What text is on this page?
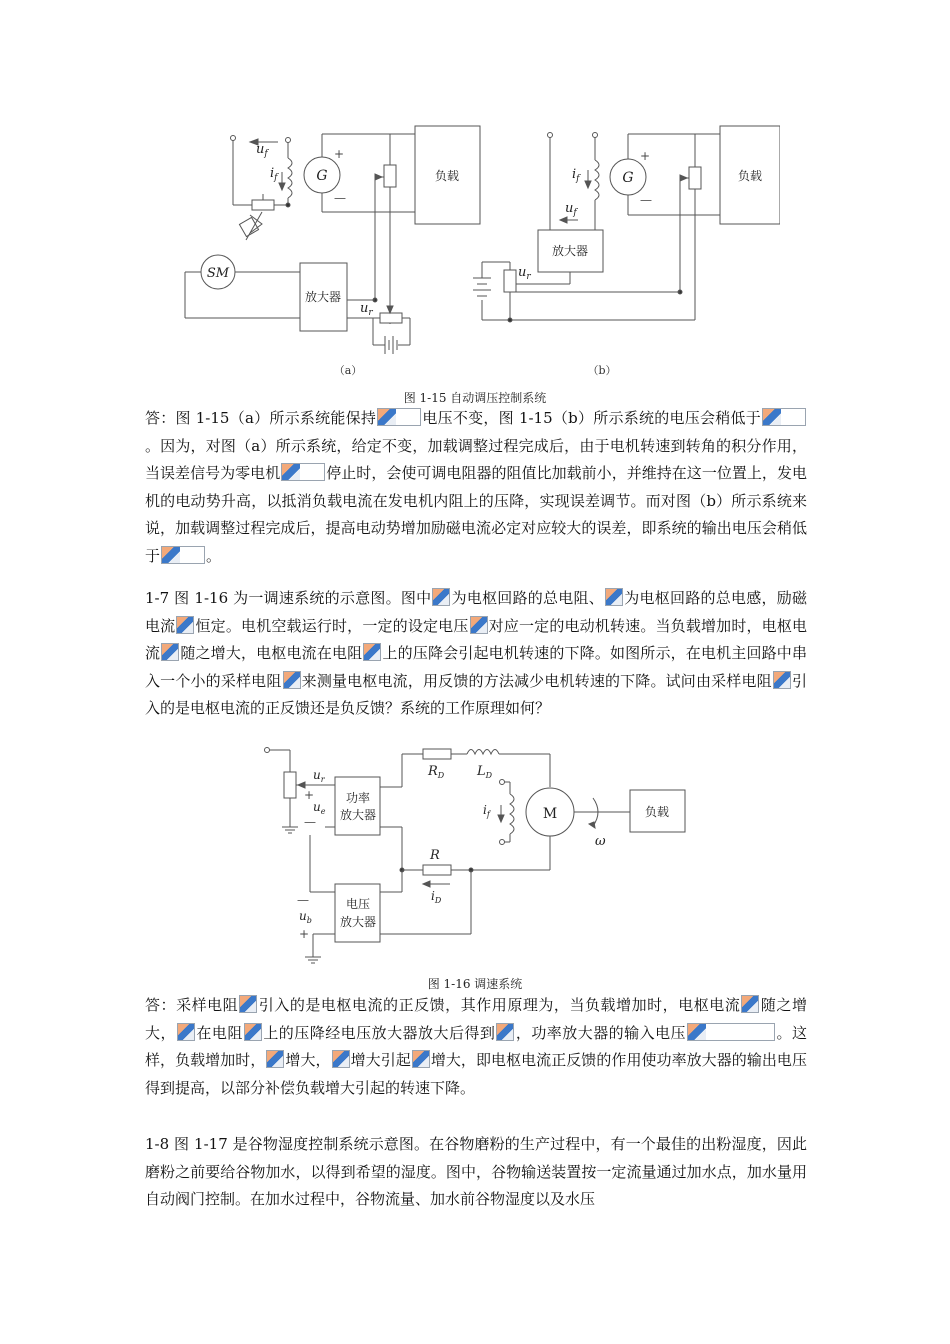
$u_f$
$i_f$
SM
放大器
G
+
—
负载
$u_r$
（a）
$i_f$
$u_f$
放大器
G
+
—
负载
$u_r$
（b）
图 1-15 自动调压控制系统
答：图 1-15（a）所示系统能保持	电压不变，图 1-15（b）所示系统的电压会稍低于。因为，对图（a）所示系统，给定不变，加载调整过程完成后，由于电机转速到转角的积分作用，当误差信号为零电机	停止时，会使可调电阻器的阻值比加载前小，并维持在这一位置上，发电机的电动势升高，以抵消负载电流在发电机内阻上的压降，实现误差调节。而对图（b）所示系统来说，加载调整过程完成后，提高电动势增加励磁电流必定对应较大的误差，即系统的输出电压会稍低于	。
1-7 图 1-16 为一调速系统的示意图。图中 为电枢回路的总电阻、 为电枢回路的总电感，励磁电流 恒定。电机空载运行时，一定的设定电压 对应一定的电动机转速。当负载增加时，电枢电流 随之增大，电枢电流在电阻 上的压降会引起电机转速的下降。如图所示，在电机主回路中串入一个小的采样电阻 来测量电枢电流，用反馈的方法减少电机转速的下降。试问由采样电阻 引入的是电枢电流的正反馈还是负反馈？系统的工作原理如何？
$u_r$
+
$u_e$
—
功率
放大器
$R_D$	$L_D$
M
ω
负载
$i_f$
R
$i_D$
电压
放大器
—
$u_b$
+
图 1-16 调速系统
答：采样电阻 引入的是电枢电流的正反馈，其作用原理为，当负载增加时，电枢电流 随之增大， 在电阻 上的压降经电压放大器放大后得到 ，功率放大器的输入电压	。这样，负载增加时， 增大， 增大引起 增大，即电枢电流正反馈的作用使功率放大器的输出电压得到提高，以部分补偿负载增大引起的转速下降。
1-8 图 1-17 是谷物湿度控制系统示意图。在谷物磨粉的生产过程中，有一个最佳的出粉湿度，因此磨粉之前要给谷物加水，以得到希望的湿度。图中，谷物输送装置按一定流量通过加水点，加水量用自动阀门控制。在加水过程中，谷物流量、加水前谷物湿度以及水压
